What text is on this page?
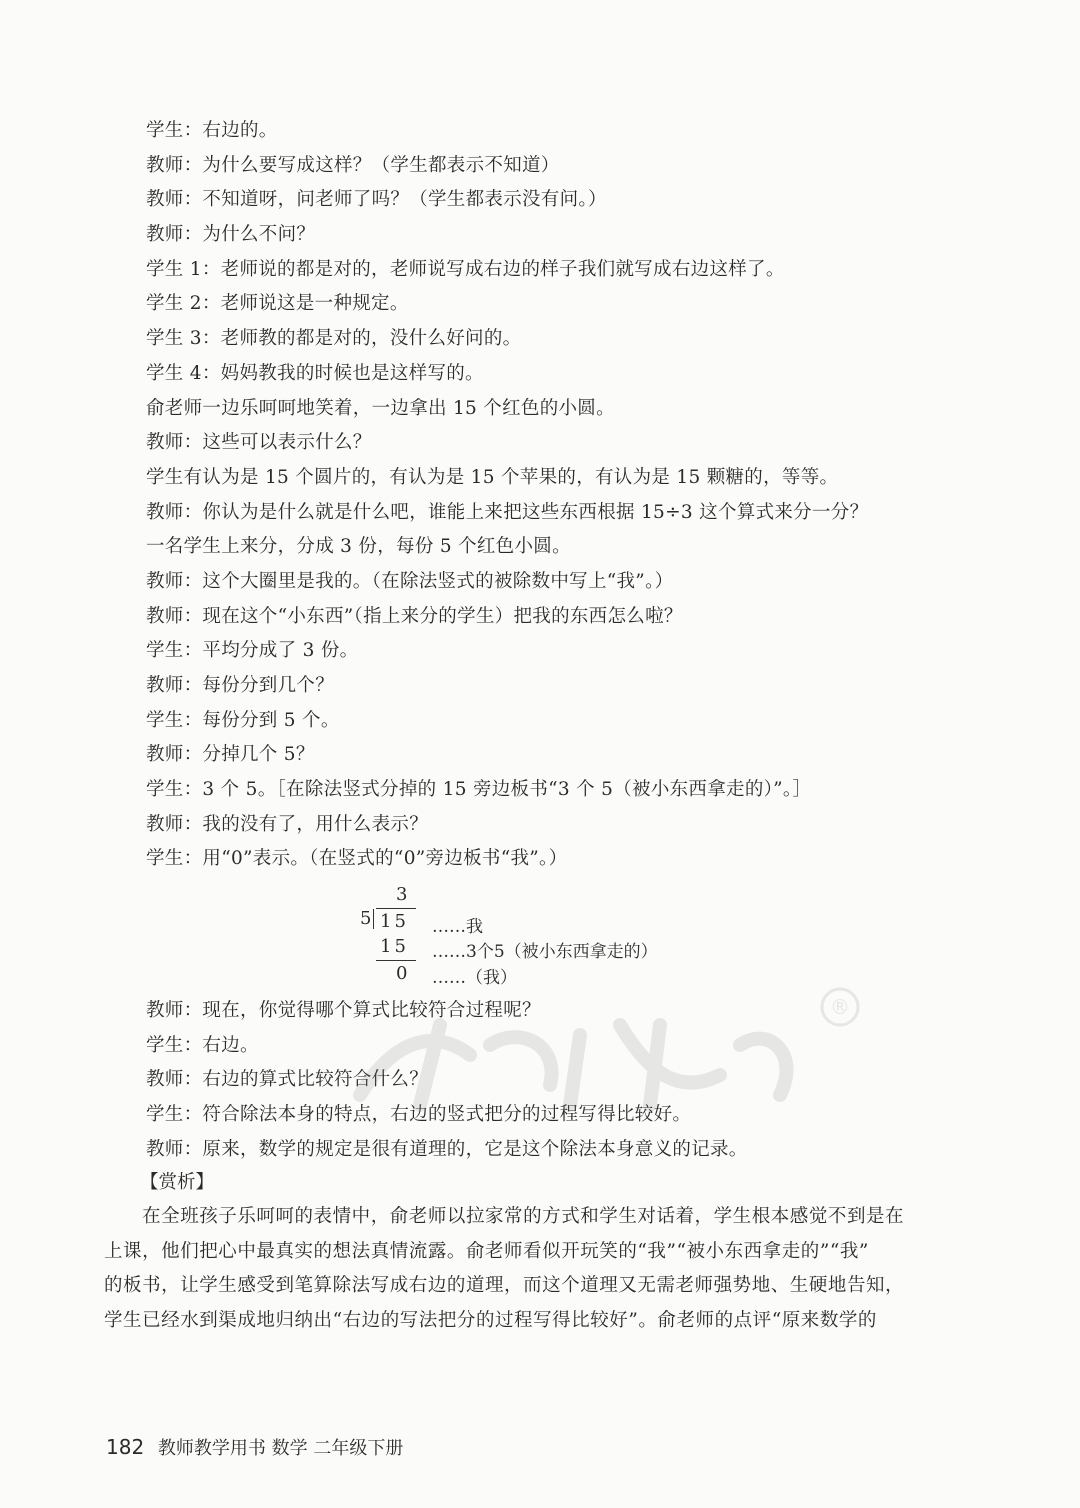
学生：右边的。
教师：为什么要写成这样？（学生都表示不知道）
教师：不知道呀，问老师了吗？（学生都表示没有问。）
教师：为什么不问？
学生 1：老师说的都是对的，老师说写成右边的样子我们就写成右边这样了。
学生 2：老师说这是一种规定。
学生 3：老师教的都是对的，没什么好问的。
学生 4：妈妈教我的时候也是这样写的。
俞老师一边乐呵呵地笑着，一边拿出 15 个红色的小圆。
教师：这些可以表示什么？
学生有认为是 15 个圆片的，有认为是 15 个苹果的，有认为是 15 颗糖的，等等。
教师：你认为是什么就是什么吧，谁能上来把这些东西根据 15÷3 这个算式来分一分？
一名学生上来分，分成 3 份，每份 5 个红色小圆。
教师：这个大圈里是我的。（在除法竖式的被除数中写上“我”。）
教师：现在这个“小东西”（指上来分的学生）把我的东西怎么啦？
学生：平均分成了 3 份。
教师：每份分到几个？
学生：每份分到 5 个。
教师：分掉几个 5？
学生：3 个 5。［在除法竖式分掉的 15 旁边板书“3 个 5（被小东西拿走的）”。］
教师：我的没有了，用什么表示？
学生：用“0”表示。（在竖式的“0”旁边板书“我”。）
3
5 15 ……我
15 ……3个5（被小东西拿走的）
0 ……（我）
教师：现在，你觉得哪个算式比较符合过程呢？
学生：右边。
教师：右边的算式比较符合什么？
学生：符合除法本身的特点，右边的竖式把分的过程写得比较好。
教师：原来，数学的规定是很有道理的，它是这个除法本身意义的记录。
【赏析】
　　在全班孩子乐呵呵的表情中，俞老师以拉家常的方式和学生对话着，学生根本感觉不到是在
上课，他们把心中最真实的想法真情流露。俞老师看似开玩笑的“我”“被小东西拿走的”“我”
的板书，让学生感受到笔算除法写成右边的道理，而这个道理又无需老师强势地、生硬地告知，
学生已经水到渠成地归纳出“右边的写法把分的过程写得比较好”。俞老师的点评“原来数学的
®
182 教师教学用书 数学 二年级下册
